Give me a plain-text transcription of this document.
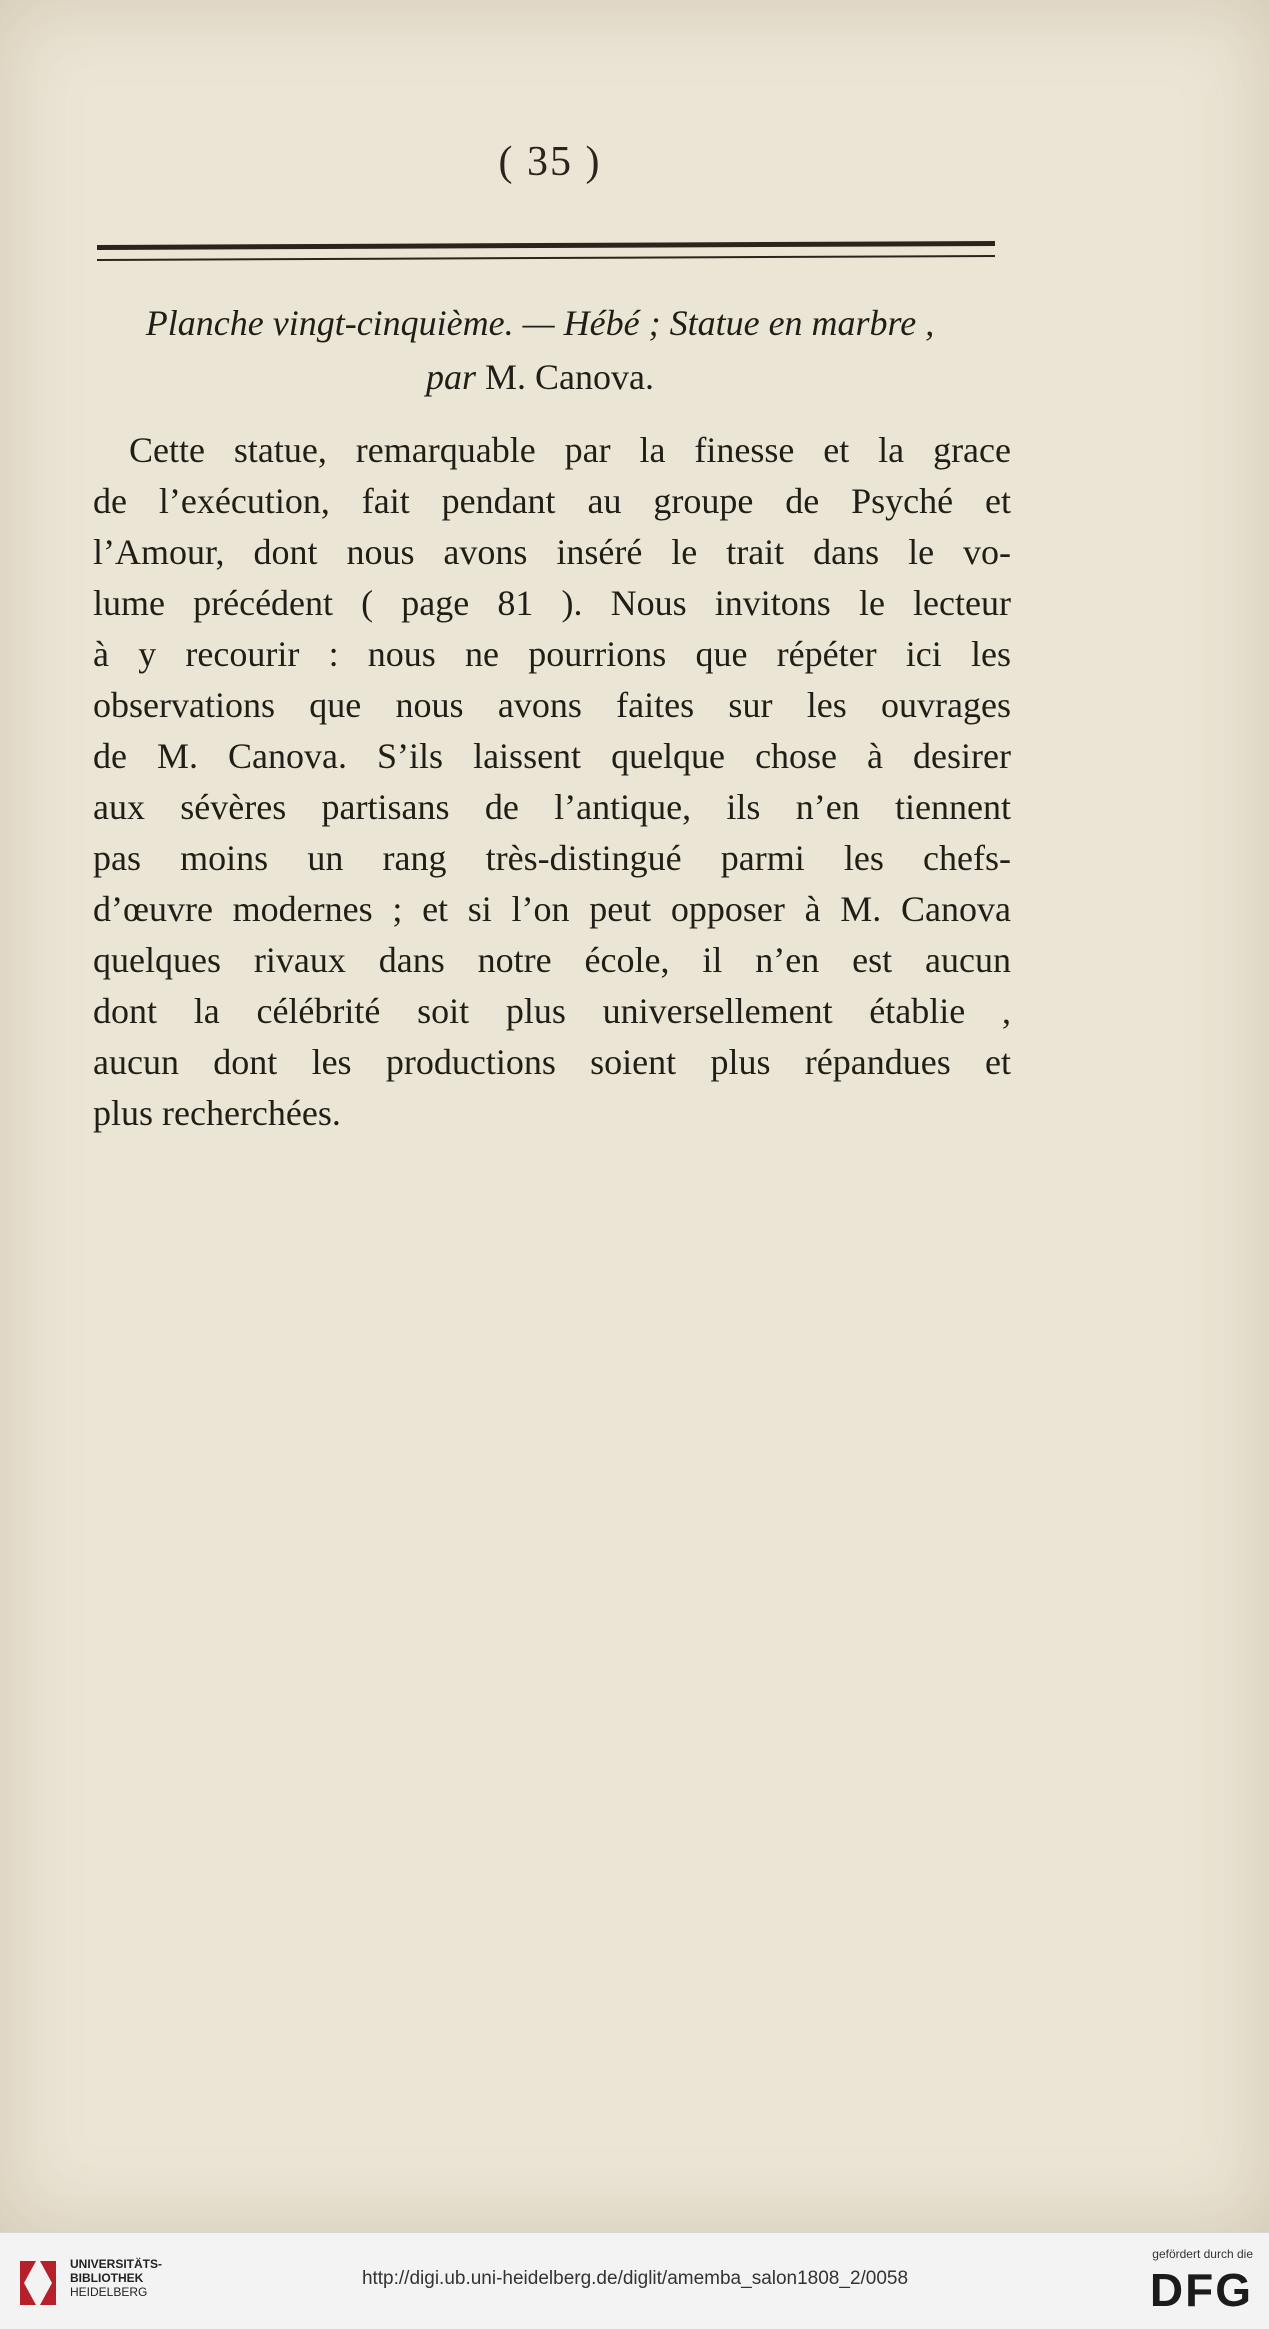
( 35 )
Planche vingt-cinquième. — Hébé ; Statue en marbre ,
par M. Canova.
Cette statue, remarquable par la finesse et la grace
de l’exécution, fait pendant au groupe de Psyché et
l’Amour, dont nous avons inséré le trait dans le vo-
lume précédent ( page 81 ). Nous invitons le lecteur
à y recourir : nous ne pourrions que répéter ici les
observations que nous avons faites sur les ouvrages
de M. Canova. S’ils laissent quelque chose à desirer
aux sévères partisans de l’antique, ils n’en tiennent
pas moins un rang très-distingué parmi les chefs-
d’œuvre modernes ; et si l’on peut opposer à M. Canova
quelques rivaux dans notre école, il n’en est aucun
dont la célébrité soit plus universellement établie ,
aucun dont les productions soient plus répandues et
plus recherchées.
UNIVERSITÄTS-
BIBLIOTHEK
HEIDELBERG
http://digi.ub.uni-heidelberg.de/diglit/amemba_salon1808_2/0058
gefördert durch die
DFG
